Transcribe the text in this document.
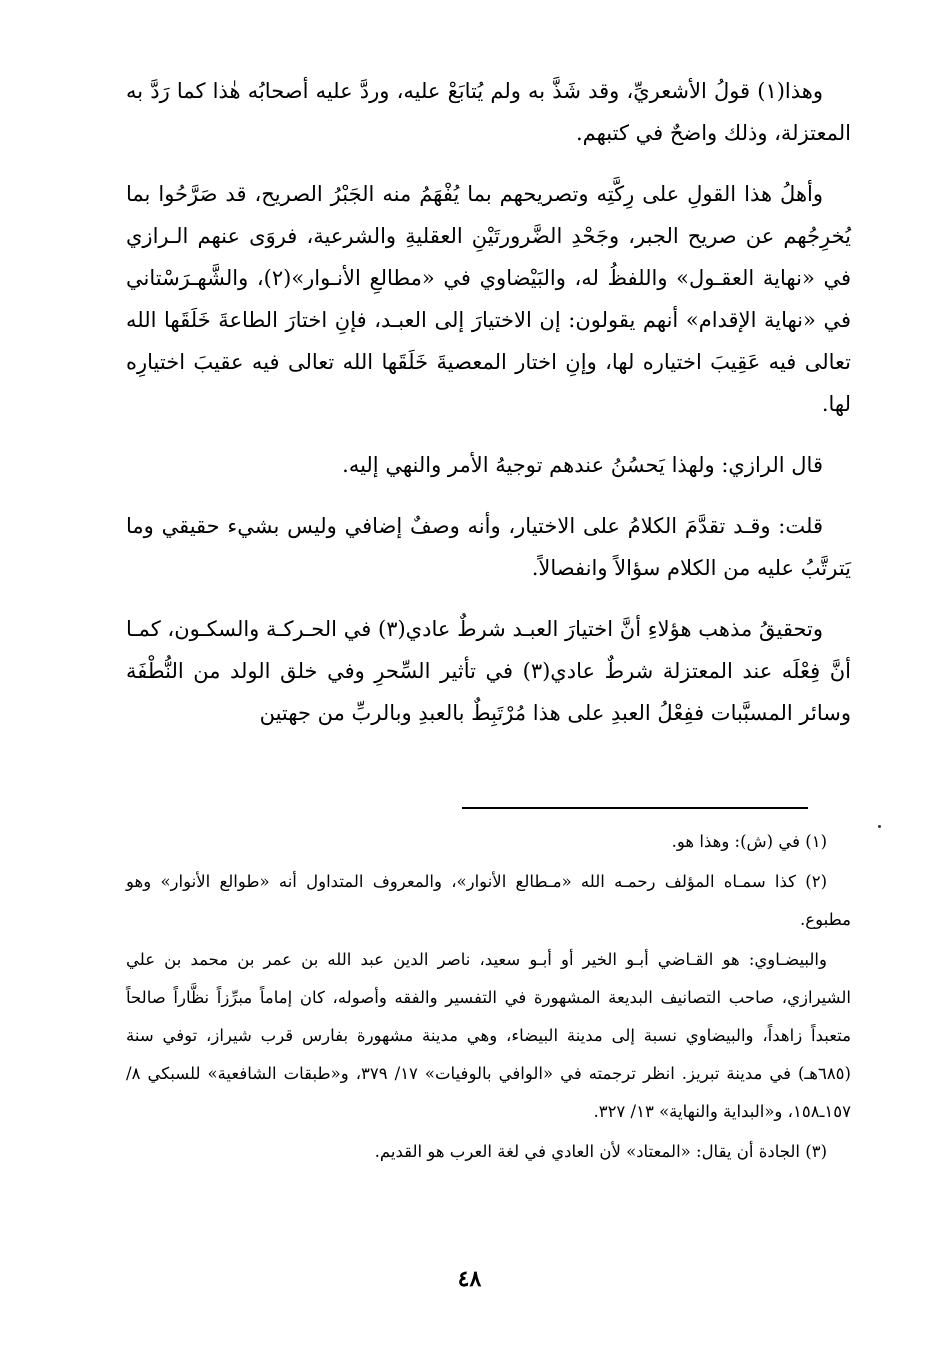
وهذا(١) قولُ الأشعريِّ، وقد شَذَّ به ولم يُتابَعْ عليه، وردَّ عليه أصحابُه هٰذا كما رَدَّ به المعتزلة، وذلك واضحٌ في كتبهم.

وأهلُ هذا القولِ على رِكَّتِه وتصريحهم بما يُفْهَمُ منه الجَبْرُ الصريح، قد صَرَّحُوا بما يُخرِجُهم عن صريح الجبر، وجَحْدِ الضَّرورتَيْنِ العقليةِ والشرعية، فروَى عنهم الـرازي في «نهاية العقـول» واللفظُ له، والبَيْضاوي في «مطالعِ الأنـوار»(٢)، والشَّهـرَسْتاني في «نهاية الإقدام» أنهم يقولون: إن الاختيارَ إلى العبـد، فإنِ اختارَ الطاعةَ خَلَقَها الله تعالى فيه عَقِيبَ اختياره لها، وإنِ اختار المعصيةَ خَلَقَها الله تعالى فيه عقيبَ اختيارِه لها.

قال الرازي: ولهذا يَحسُنُ عندهم توجيهُ الأمر والنهي إليه.

قلت: وقـد تقدَّمَ الكلامُ على الاختيار، وأنه وصفٌ إضافي وليس بشيء حقيقي وما يَترتَّبُ عليه من الكلام سؤالاً وانفصالاً.

وتحقيقُ مذهب هؤلاءِ أنَّ اختيارَ العبـد شرطٌ عادي(٣) في الحـركـة والسكـون، كمـا أنَّ فِعْلَه عند المعتزلة شرطٌ عادي(٣) في تأثير السِّحرِ وفي خلق الولد من النُّطْفَة وسائر المسبَّبات ففِعْلُ العبدِ على هذا مُرْتَبِطٌ بالعبدِ وبالربِّ من جهتين

(١) في (ش): وهذا هو.

(٢) كذا سمـاه المؤلف رحمـه الله «مـطالع الأنوار»، والمعروف المتداول أنه «طوالع الأنوار» وهو مطبوع.

والبيضـاوي: هو القـاضي أبـو الخير أو أبـو سعيد، ناصر الدين عبد الله بن عمر بن محمد بن علي الشيرازي، صاحب التصانيف البديعة المشهورة في التفسير والفقه وأصوله، كان إماماً مبرِّزاً نظَّاراً صالحاً متعبداً زاهداً، والبيضاوي نسبة إلى مدينة البيضاء، وهي مدينة مشهورة بفارس قرب شيراز، توفي سنة (٦٨٥هـ) في مدينة تبريز. انظر ترجمته في «الوافي بالوفيات» ١٧/ ٣٧٩، و«طبقات الشافعية» للسبكي ٨/ ١٥٧ـ١٥٨، و«البداية والنهاية» ١٣/ ٣٢٧.

(٣) الجادة أن يقال: «المعتاد» لأن العادي في لغة العرب هو القديم.

٤٨
